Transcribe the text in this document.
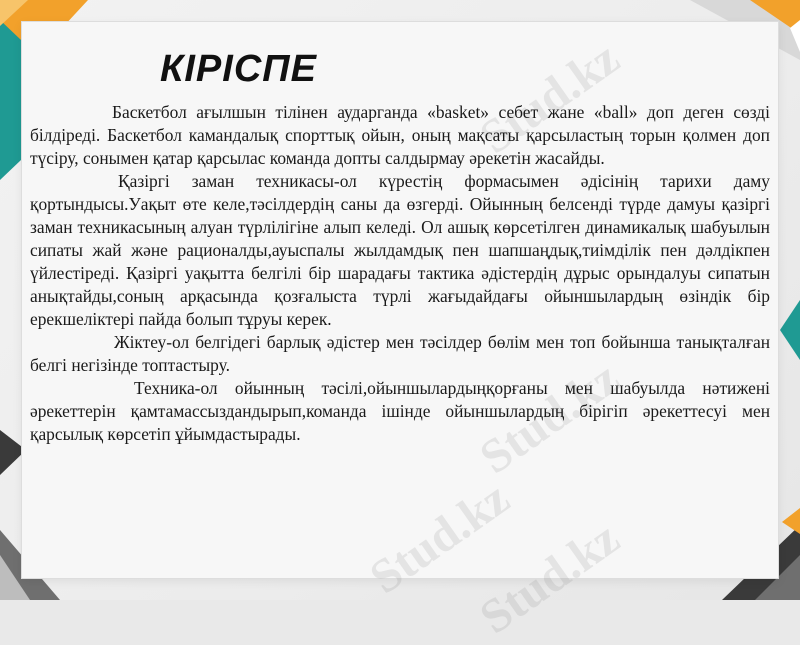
КІРІСПЕ

Баскетбол ағылшын тілінен аударганда «basket» себет жане «ball» доп деген сөзді білдіреді. Баскетбол камандалық спорттық ойын, оның мақсаты қарсыластың торын қолмен доп түсіру, сонымен қатар қарсылас команда допты салдырмау әрекетін жасайды.

Қазіргі заман техникасы-ол күрестің формасымен әдісінің тарихи даму қортындысы.Уақыт өте келе,тәсілдердің саны да өзгерді. Ойынның белсенді түрде дамуы қазіргі заман техникасының алуан түрлілігіне алып келеді. Ол ашық көрсетілген динамикалық шабуылын сипаты жай және рационалды,ауыспалы жылдамдық пен шапшаңдық,тиімділік пен дәлдікпен үйлестіреді. Қазіргі уақытта белгілі бір шарадағы тактика әдістердің дұрыс орындалуы сипатын анықтайды,соның арқасында қозғалыста түрлі жағыдайдағы ойыншылардың өзіндік бір ерекшеліктері пайда болып тұруы керек.

Жіктеу-ол белгідегі барлық әдістер мен тәсілдер бөлім мен топ бойынша танықталған белгі негізінде топтастыру.

Техника-ол ойынның тәсілі,ойыншылардыңқорғаны мен шабуылда нәтижені әрекеттерін қамтамассыздандырып,команда ішінде ойыншылардың бірігіп әрекеттесуі мен қарсылық көрсетіп ұйымдастырады.
